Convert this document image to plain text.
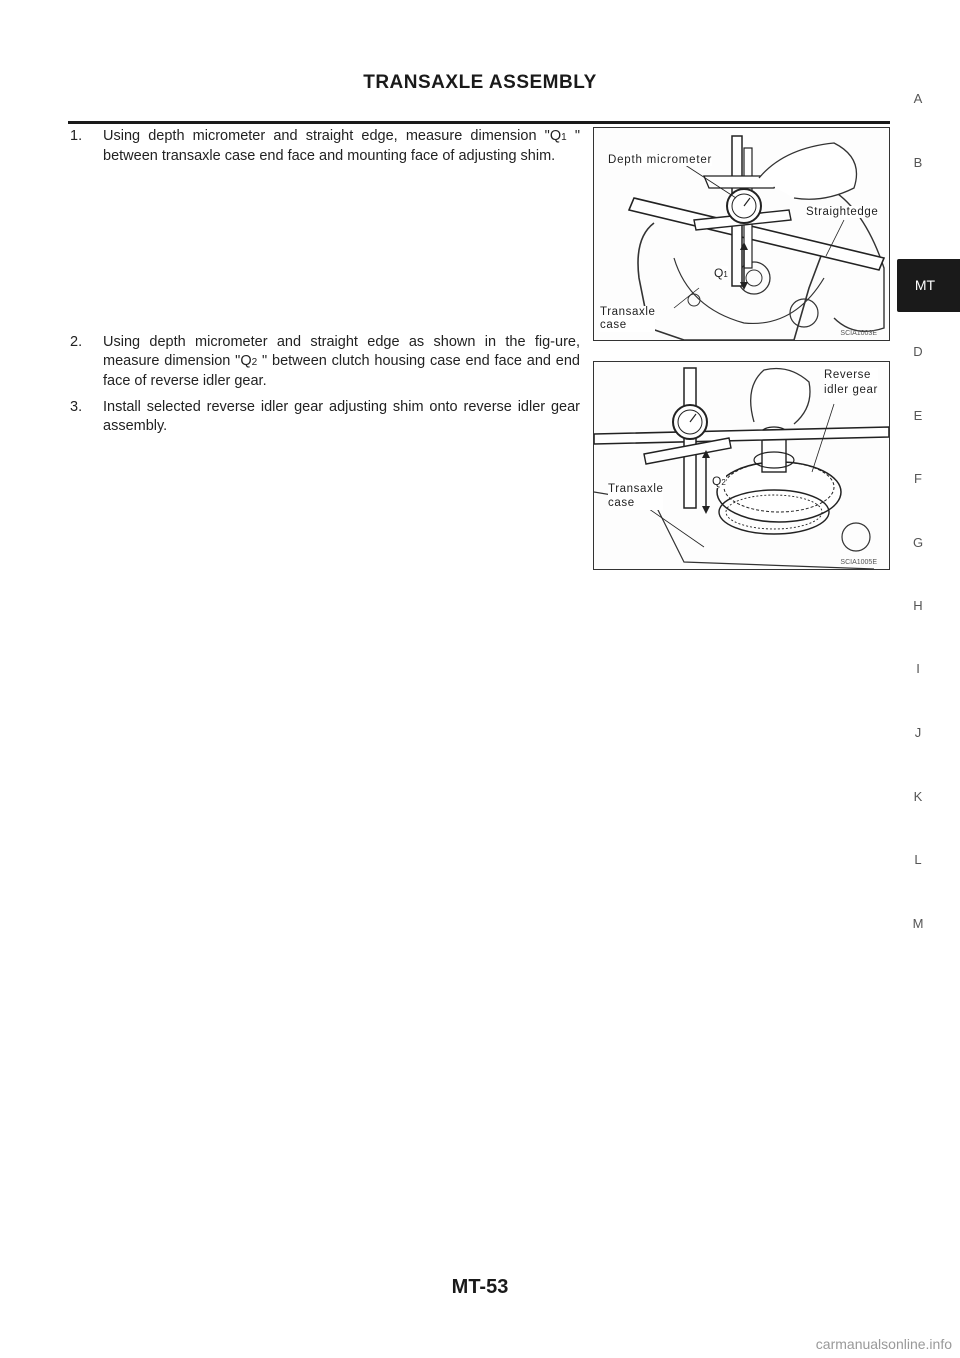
TRANSAXLE ASSEMBLY
1. Using depth micrometer and straight edge, measure dimension "Q1 " between transaxle case end face and mounting face of adjusting shim.
2. Using depth micrometer and straight edge as shown in the fig-ure, measure dimension "Q2 " between clutch housing case end face and end face of reverse idler gear.
3. Install selected reverse idler gear adjusting shim onto reverse idler gear assembly.
Depth micrometer
Straightedge
Q1
Transaxle
case
SCIA1003E
Reverse
idler gear
Q2
Transaxle
case
SCIA1005E
A
B
MT
D
E
F
G
H
I
J
K
L
M
MT-53
carmanualsonline.info
